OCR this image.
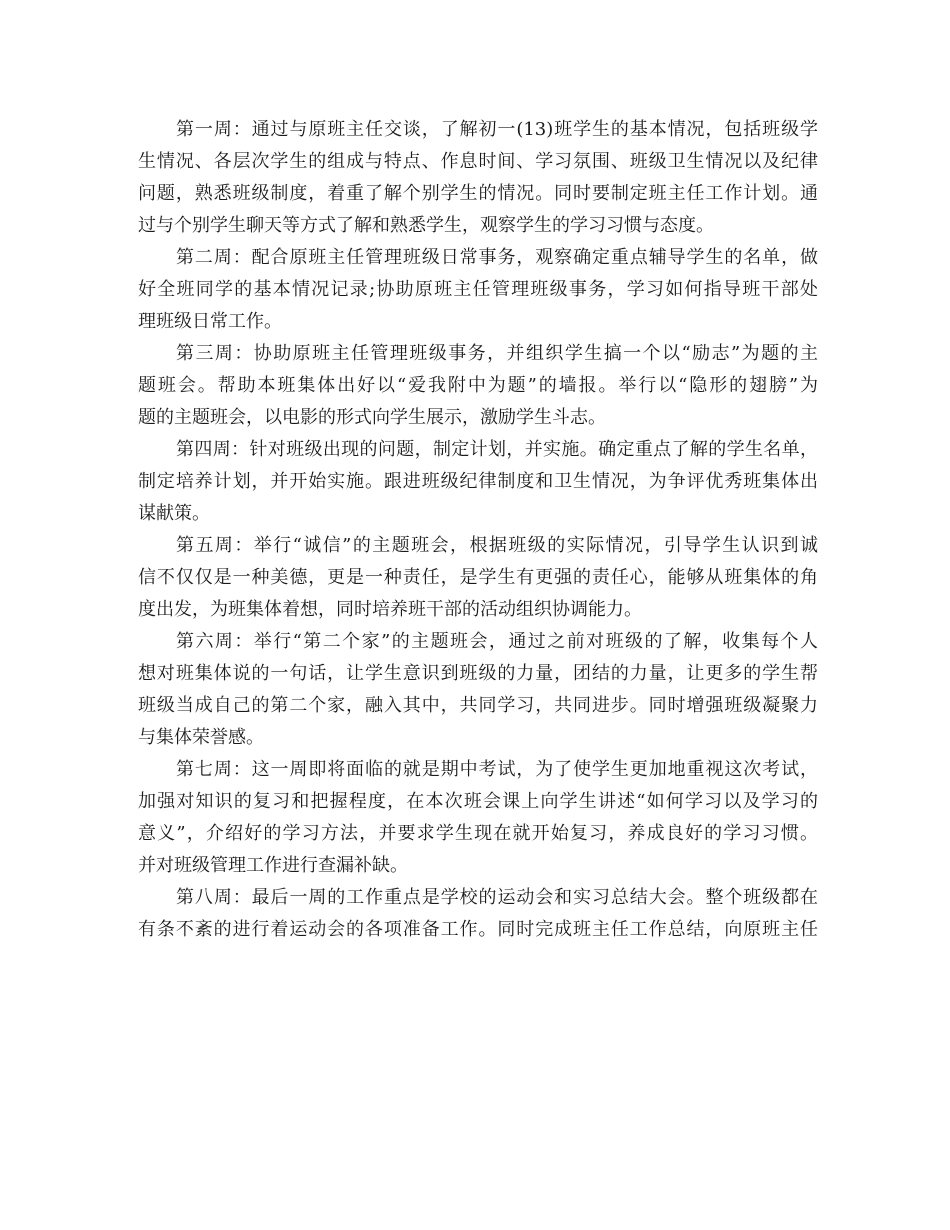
第一周：通过与原班主任交谈，了解初一(13)班学生的基本情况，包括班级学
生情况、各层次学生的组成与特点、作息时间、学习氛围、班级卫生情况以及纪律
问题，熟悉班级制度，着重了解个别学生的情况。同时要制定班主任工作计划。通
过与个别学生聊天等方式了解和熟悉学生，观察学生的学习习惯与态度。
第二周：配合原班主任管理班级日常事务，观察确定重点辅导学生的名单，做
好全班同学的基本情况记录;协助原班主任管理班级事务，学习如何指导班干部处
理班级日常工作。
第三周：协助原班主任管理班级事务，并组织学生搞一个以“励志”为题的主
题班会。帮助本班集体出好以“爱我附中为题”的墙报。举行以“隐形的翅膀”为
题的主题班会，以电影的形式向学生展示，激励学生斗志。
第四周：针对班级出现的问题，制定计划，并实施。确定重点了解的学生名单，
制定培养计划，并开始实施。跟进班级纪律制度和卫生情况，为争评优秀班集体出
谋献策。
第五周：举行“诚信”的主题班会，根据班级的实际情况，引导学生认识到诚
信不仅仅是一种美德，更是一种责任，是学生有更强的责任心，能够从班集体的角
度出发，为班集体着想，同时培养班干部的活动组织协调能力。
第六周：举行“第二个家”的主题班会，通过之前对班级的了解，收集每个人
想对班集体说的一句话，让学生意识到班级的力量，团结的力量，让更多的学生帮
班级当成自己的第二个家，融入其中，共同学习，共同进步。同时增强班级凝聚力
与集体荣誉感。
第七周：这一周即将面临的就是期中考试，为了使学生更加地重视这次考试，
加强对知识的复习和把握程度，在本次班会课上向学生讲述“如何学习以及学习的
意义”，介绍好的学习方法，并要求学生现在就开始复习，养成良好的学习习惯。
并对班级管理工作进行查漏补缺。
第八周：最后一周的工作重点是学校的运动会和实习总结大会。整个班级都在
有条不紊的进行着运动会的各项准备工作。同时完成班主任工作总结，向原班主任
